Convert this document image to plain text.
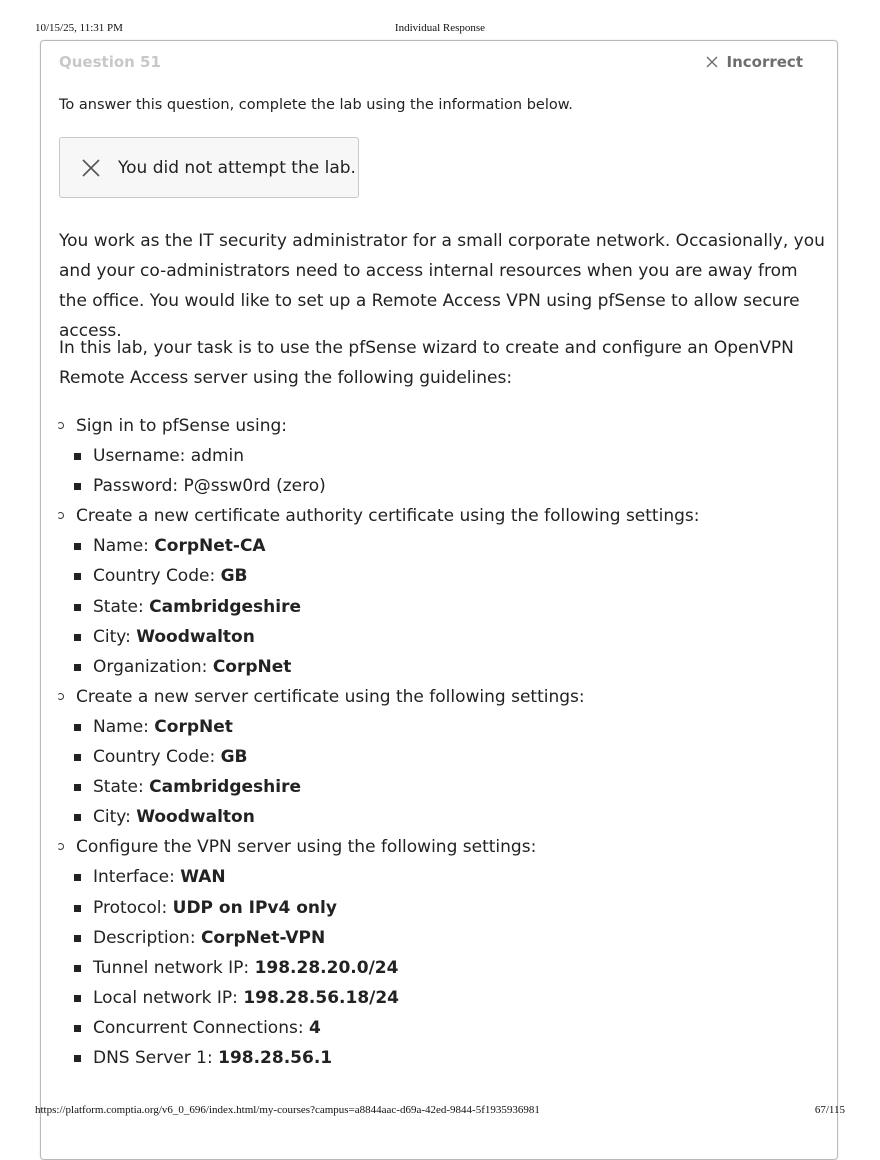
10/15/25, 11:31 PM	Individual Response
Question 51	Incorrect
To answer this question, complete the lab using the information below.
You did not attempt the lab.

You work as the IT security administrator for a small corporate network. Occasionally, you and your co-administrators need to access internal resources when you are away from the office. You would like to set up a Remote Access VPN using pfSense to allow secure access.

In this lab, your task is to use the pfSense wizard to create and configure an OpenVPN Remote Access server using the following guidelines:

Sign in to pfSense using:
Username: admin
Password: P@ssw0rd (zero)
Create a new certificate authority certificate using the following settings:
Name: CorpNet-CA
Country Code: GB
State: Cambridgeshire
City: Woodwalton
Organization: CorpNet
Create a new server certificate using the following settings:
Name: CorpNet
Country Code: GB
State: Cambridgeshire
City: Woodwalton
Configure the VPN server using the following settings:
Interface: WAN
Protocol: UDP on IPv4 only
Description: CorpNet-VPN
Tunnel network IP: 198.28.20.0/24
Local network IP: 198.28.56.18/24
Concurrent Connections: 4
DNS Server 1: 198.28.56.1
https://platform.comptia.org/v6_0_696/index.html/my-courses?campus=a8844aac-d69a-42ed-9844-5f1935936981	67/115
